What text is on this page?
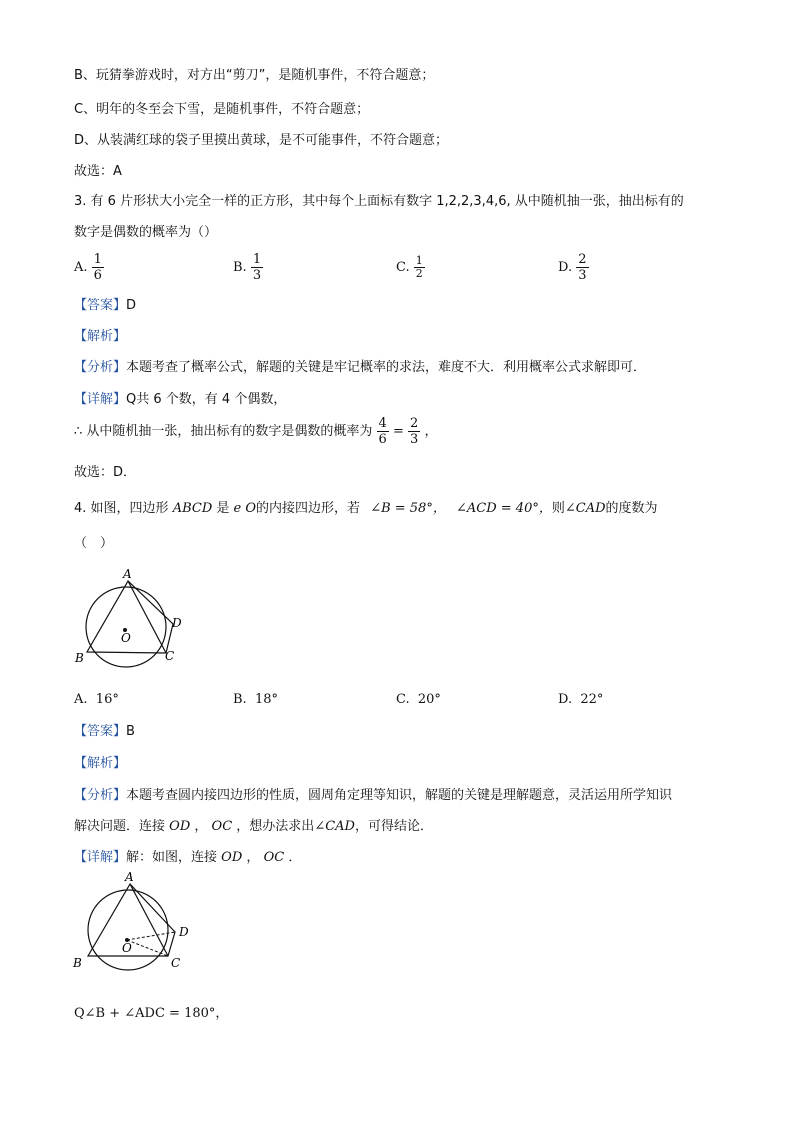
B、玩猜拳游戏时，对方出“剪刀”，是随机事件，不符合题意；
C、明年的冬至会下雪，是随机事件，不符合题意；
D、从装满红球的袋子里摸出黄球，是不可能事件，不符合题意；
故选：A
3. 有 6 片形状大小完全一样的正方形，其中每个上面标有数字 1,2,2,3,4,6, 从中随机抽一张，抽出标有的
数字是偶数的概率为（）
A. $\frac{1}{6}$	B. $\frac{1}{3}$	C. $\frac{1}{2}$	D. $\frac{2}{3}$
【答案】D
【解析】
【分析】本题考查了概率公式，解题的关键是牢记概率的求法，难度不大．利用概率公式求解即可．
【详解】Q共 6 个数，有 4 个偶数，
∴ 从中随机抽一张，抽出标有的数字是偶数的概率为 $\frac{4}{6} = \frac{2}{3}$ ，
故选：D．
4. 如图，四边形 ABCD 是 e O的内接四边形，若 ∠B = 58°， ∠ACD = 40°，则∠CAD的度数为
（　）
A
B	C
D
O
A. 16°	B. 18°	C. 20°	D. 22°
【答案】B
【解析】
【分析】本题考查圆内接四边形的性质，圆周角定理等知识，解题的关键是理解题意，灵活运用所学知识
解决问题．连接 OD ， OC ，想办法求出∠CAD，可得结论．
【详解】解：如图，连接 OD ， OC ．
A
B	C
D
O
Q∠B + ∠ADC = 180°，
